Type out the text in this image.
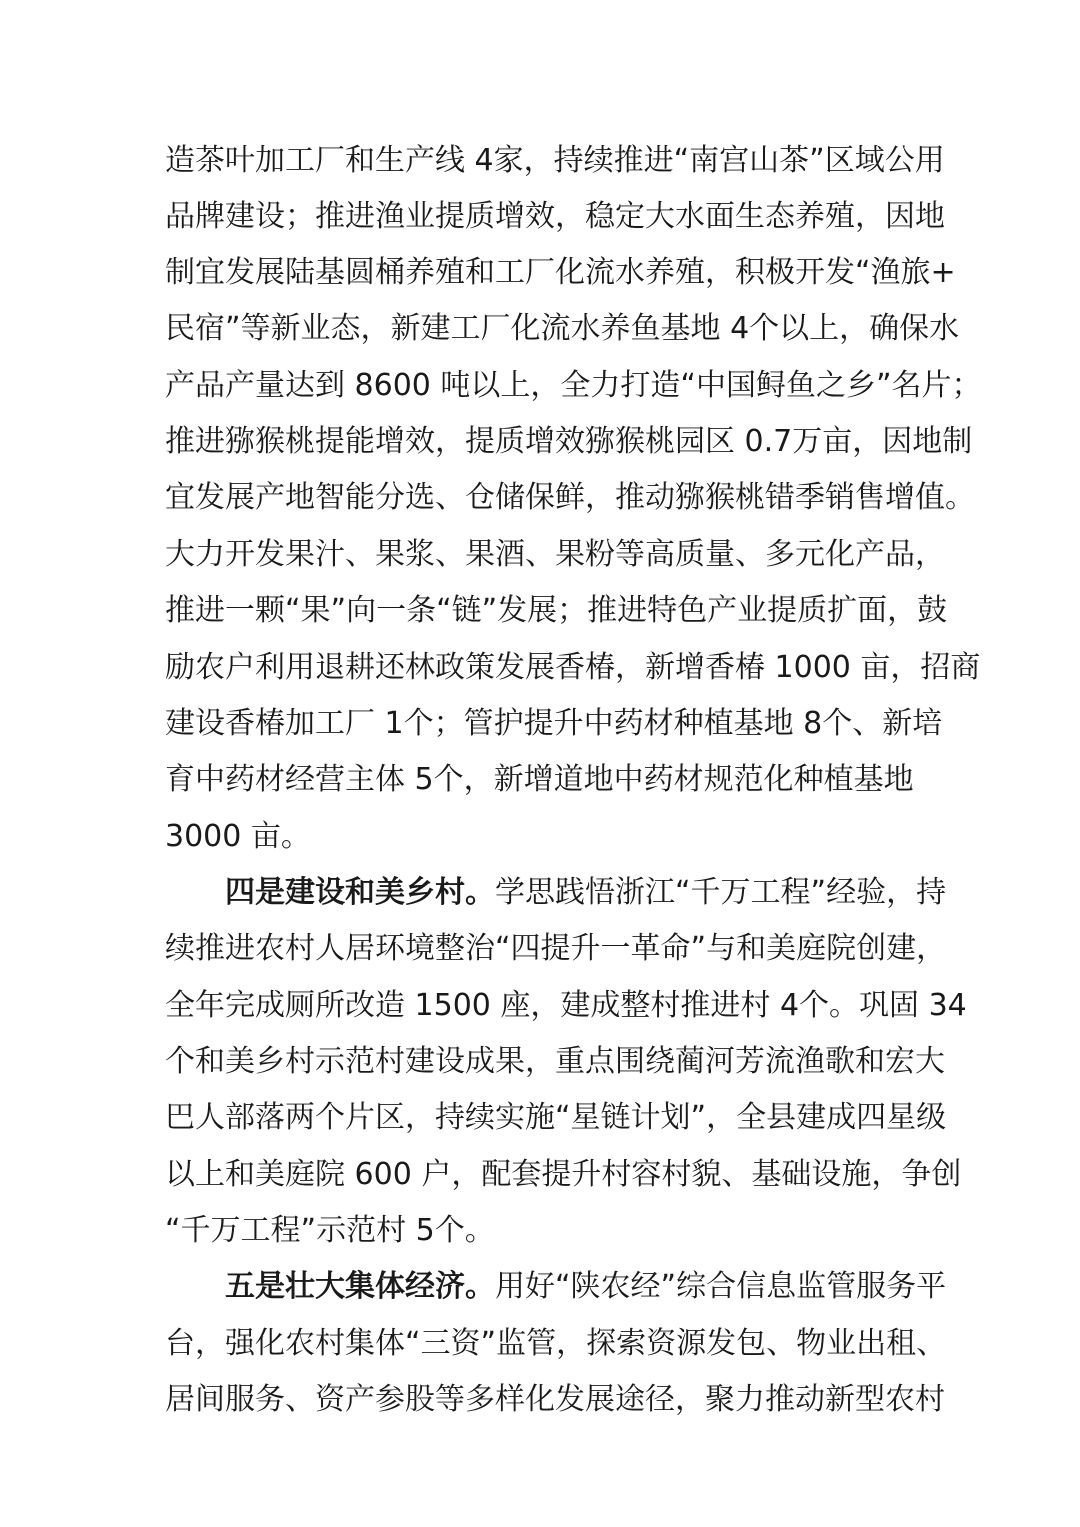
造茶叶加工厂和生产线 4家，持续推进“南宫山茶”区域公用
品牌建设；推进渔业提质增效，稳定大水面生态养殖，因地
制宜发展陆基圆桶养殖和工厂化流水养殖，积极开发“渔旅+
民宿”等新业态，新建工厂化流水养鱼基地 4个以上，确保水
产品产量达到 8600 吨以上，全力打造“中国鲟鱼之乡”名片；
推进猕猴桃提能增效，提质增效猕猴桃园区 0.7万亩，因地制
宜发展产地智能分选、仓储保鲜，推动猕猴桃错季销售增值。
大力开发果汁、果浆、果酒、果粉等高质量、多元化产品，
推进一颗“果”向一条“链”发展；推进特色产业提质扩面，鼓
励农户利用退耕还林政策发展香椿，新增香椿 1000 亩，招商
建设香椿加工厂 1个；管护提升中药材种植基地 8个、新培
育中药材经营主体 5个，新增道地中药材规范化种植基地
3000 亩。
四是建设和美乡村。学思践悟浙江“千万工程”经验，持
续推进农村人居环境整治“四提升一革命”与和美庭院创建，
全年完成厕所改造 1500 座，建成整村推进村 4个。巩固 34
个和美乡村示范村建设成果，重点围绕蔺河芳流渔歌和宏大
巴人部落两个片区，持续实施“星链计划”，全县建成四星级
以上和美庭院 600 户，配套提升村容村貌、基础设施，争创
“千万工程”示范村 5个。
五是壮大集体经济。用好“陕农经”综合信息监管服务平
台，强化农村集体“三资”监管，探索资源发包、物业出租、
居间服务、资产参股等多样化发展途径，聚力推动新型农村
